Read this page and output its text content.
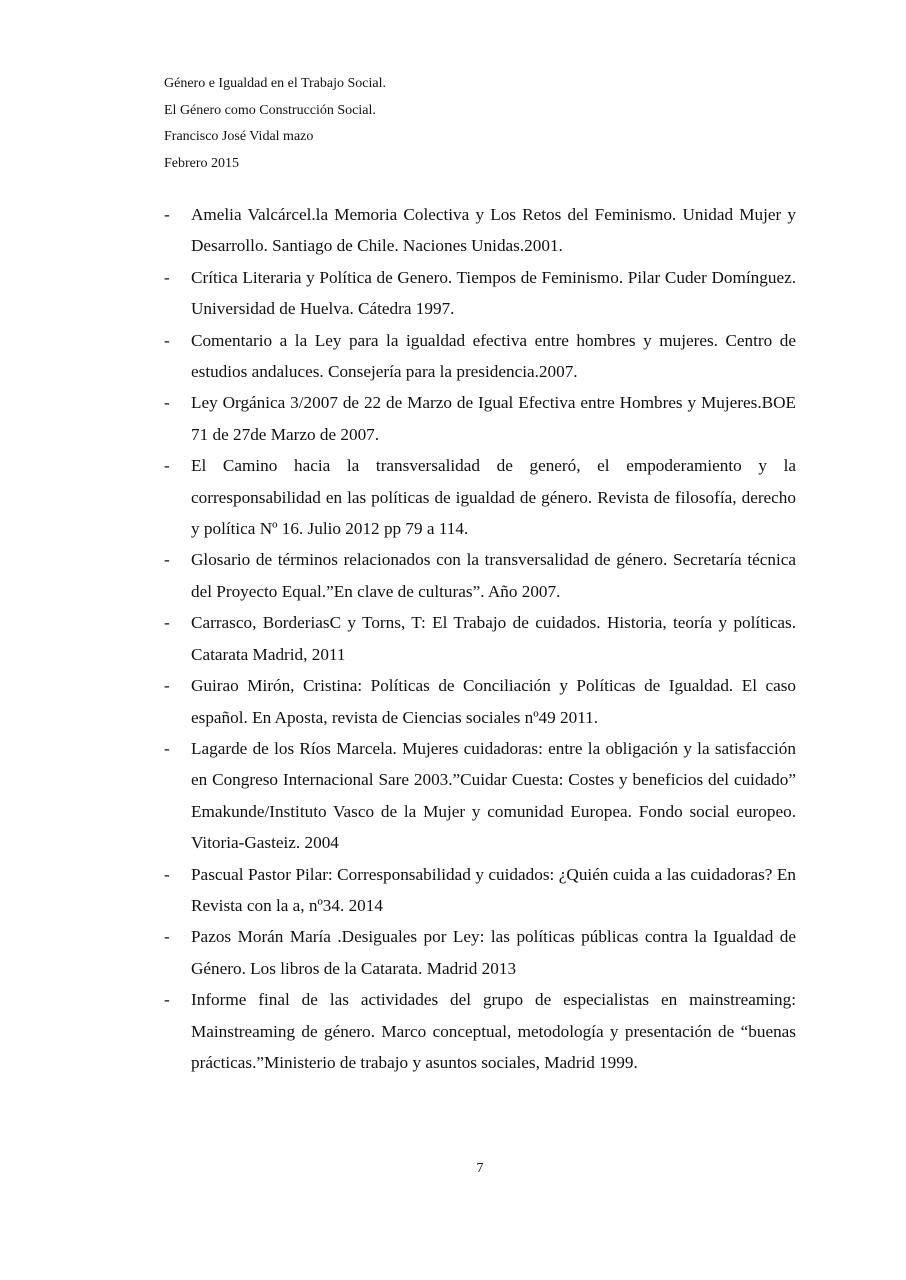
Género e Igualdad en el Trabajo Social.
El Género como Construcción Social.
Francisco José Vidal mazo
Febrero 2015
- Amelia Valcárcel.la Memoria Colectiva y Los Retos del Feminismo. Unidad Mujer y Desarrollo. Santiago de Chile. Naciones Unidas.2001.
- Crítica Literaria y Política de Genero. Tiempos de Feminismo. Pilar Cuder Domínguez. Universidad de Huelva. Cátedra 1997.
- Comentario a la Ley para la igualdad efectiva entre hombres y mujeres. Centro de estudios andaluces. Consejería para la presidencia.2007.
- Ley Orgánica 3/2007 de 22 de Marzo de Igual Efectiva entre Hombres y Mujeres.BOE 71 de 27de Marzo de 2007.
- El Camino hacia la transversalidad de generó, el empoderamiento y la corresponsabilidad en las políticas de igualdad de género. Revista de filosofía, derecho y política Nº 16. Julio 2012 pp 79 a 114.
- Glosario de términos relacionados con la transversalidad de género. Secretaría técnica del Proyecto Equal.”En clave de culturas”. Año 2007.
- Carrasco, BorderiasC y Torns, T: El Trabajo de cuidados. Historia, teoría y políticas. Catarata Madrid, 2011
- Guirao Mirón, Cristina: Políticas de Conciliación y Políticas de Igualdad. El caso español. En Aposta, revista de Ciencias sociales nº49 2011.
- Lagarde de los Ríos Marcela. Mujeres cuidadoras: entre la obligación y la satisfacción en Congreso Internacional Sare 2003.”Cuidar Cuesta: Costes y beneficios del cuidado” Emakunde/Instituto Vasco de la Mujer y comunidad Europea. Fondo social europeo. Vitoria-Gasteiz. 2004
- Pascual Pastor Pilar: Corresponsabilidad y cuidados: ¿Quién cuida a las cuidadoras? En Revista con la a, nº34. 2014
- Pazos Morán María .Desiguales por Ley: las políticas públicas contra la Igualdad de Género. Los libros de la Catarata. Madrid 2013
- Informe final de las actividades del grupo de especialistas en mainstreaming: Mainstreaming de género. Marco conceptual, metodología y presentación de “buenas prácticas.”Ministerio de trabajo y asuntos sociales, Madrid 1999.
7
